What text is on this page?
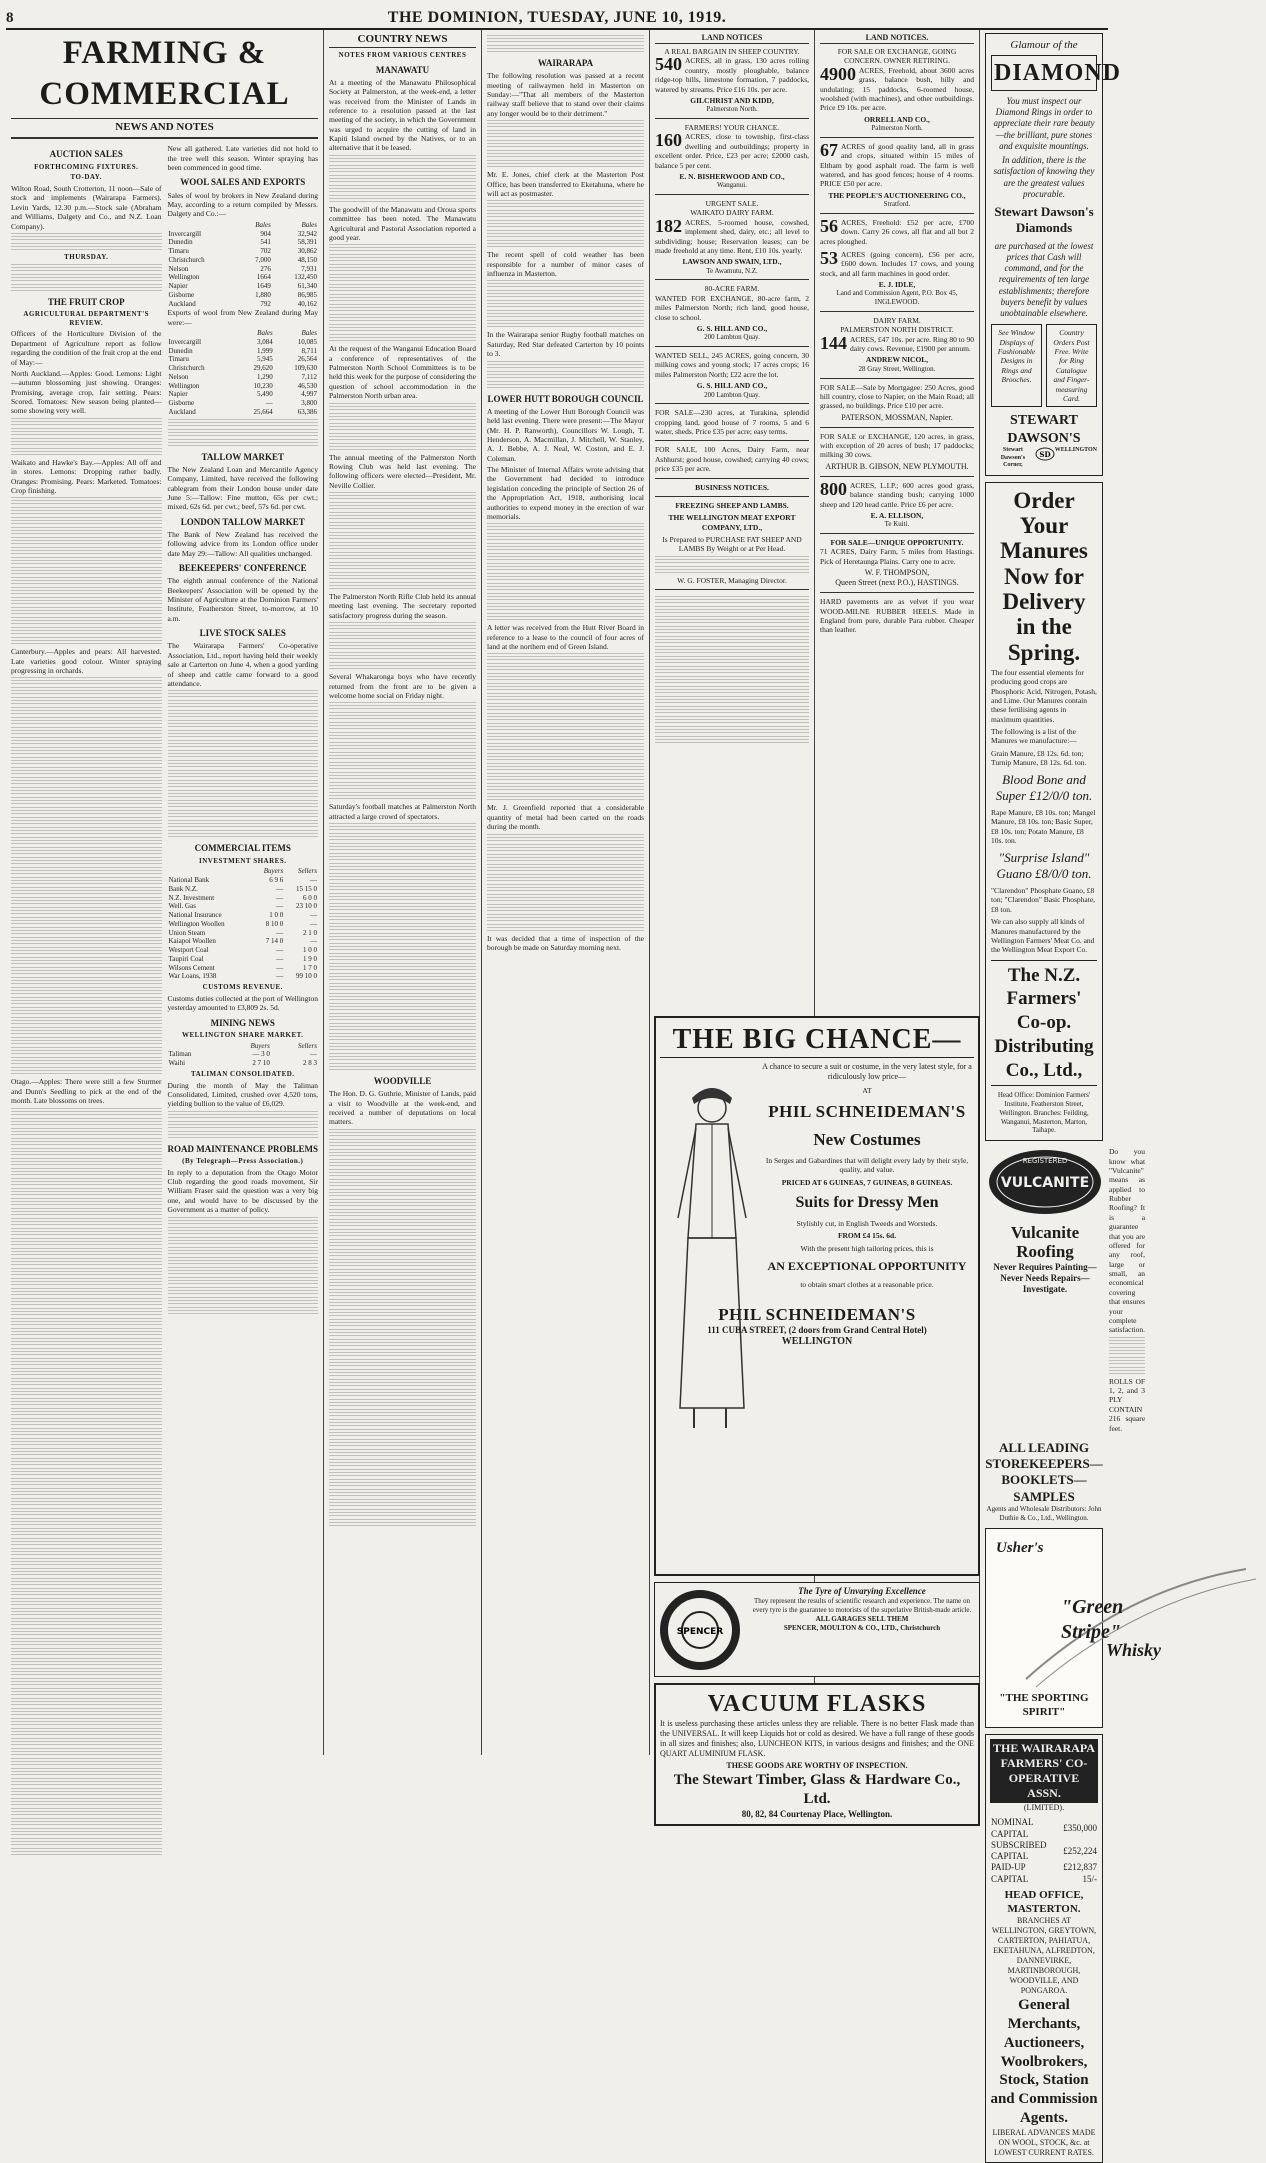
8	THE DOMINION, TUESDAY, JUNE 10, 1919.
FARMING & COMMERCIAL
NEWS AND NOTES
AUCTION SALES
FORTHCOMING FIXTURES.
TO-DAY.

Wilton Road, South Crotterton, 11 noon—Sale of stock and implements (Wairarapa Farmers). Levin Yards, 12.30 p.m.—Stock sale (Abraham and Williams, Dalgety and Co., and N.Z. Loan Company).

THURSDAY.
THE FRUIT CROP
AGRICULTURAL DEPARTMENT'S REVIEW.

Officers of the Horticulture Division of the Department of Agriculture report as follow regarding the condition of the fruit crop at the end of May:—

North Auckland.—Apples: Good. Lemons: Light—autumn blossoming just showing. Oranges: Promising, average crop, fair setting. Pears: Scored. Tomatoes: New season being planted—some showing very well.

Waikato and Hawke's Bay.—Apples: All off and in stores. Lemons: Dropping rather badly. Oranges: Promising. Pears: Marketed. Tomatoes: Crop finishing.

Canterbury.—Apples and pears: All harvested. Late varieties good colour. Winter spraying progressing in orchards.

Otago.—Apples: There were still a few Sturmer and Dunn's Seedling to pick at the end of the month. Late blossoms on trees.

New all gathered. Late varieties did not hold to the tree well this season. Winter spraying has been commenced in good time.

WOOL SALES AND EXPORTS

Sales of wool by brokers in New Zealand during May, according to a return compiled by Messrs. Dalgety and Co.:—

	Bales	Bales
Invercargill	904	32,942
Dunedin	541	58,391
Timaru	702	30,862
Christchurch	7,000	48,150
Nelson	276	7,931
Wellington	1664	132,450
Napier	1649	61,340
Gisborne	1,880	86,985
Auckland	792	40,162

Exports of wool from New Zealand during May were:—

	Bales	Bales
Invercargill	3,084	10,085
Dunedin	1,999	8,711
Timaru	5,945	26,564
Christchurch	29,620	109,630
Nelson	1,290	7,112
Wellington	10,230	46,530
Napier	5,490	4,997
Gisborne	—	3,800
Auckland	25,664	63,386
TALLOW MARKET

The New Zealand Loan and Mercantile Agency Company, Limited, have received the following cablegram from their London house under date June 5:—Tallow: Fine mutton, 65s per cwt.; mixed, 62s 6d. per cwt.; beef, 57s 6d. per cwt.

LONDON TALLOW MARKET

The Bank of New Zealand has received the following advice from its London office under date May 29:—Tallow: All qualities unchanged.

BEEKEEPERS' CONFERENCE

The eighth annual conference of the National Beekeepers' Association will be opened by the Minister of Agriculture at the Dominion Farmers' Institute, Featherston Street, to-morrow, at 10 a.m.

LIVE STOCK SALES

The Wairarapa Farmers' Co-operative Association, Ltd., report having held their weekly sale at Carterton on June 4, when a good yarding of sheep and cattle came forward to a good attendance.

COMMERCIAL ITEMS
INVESTMENT SHARES.
	Buyers	Sellers
National Bank	6 9 6	—
Bank N.Z.	—	15 15 0
N.Z. Investment	—	6 0 0
Well. Gas	—	23 10 0
National Insurance	1 0 0	—
Wellington Woollen	8 10 0	—
Union Steam	—	2 1 0
Kaiapoi Woollen	7 14 0	—
Westport Coal	—	1 0 0
Taupiri Coal	—	1 9 0
Wilsons Cement	—	1 7 0
War Loans, 1938	—	99 10 0
CUSTOMS REVENUE.

Customs duties collected at the port of Wellington yesterday amounted to £3,809 2s. 5d.

MINING NEWS
WELLINGTON SHARE MARKET.
	Buyers	Sellers
Taliman	— 3 0	—
Waihi	2 7 10	2 8 3
TALIMAN CONSOLIDATED.

During the month of May the Taliman Consolidated, Limited, crushed over 4,520 tons, yielding bullion to the value of £6,029.

ROAD MAINTENANCE PROBLEMS
(By Telegraph—Press Association.)

In reply to a deputation from the Otago Motor Club regarding the good roads movement, Sir William Fraser said the question was a very big one, and would have to be discussed by the Government as a matter of policy.

COUNTRY NEWS
NOTES FROM VARIOUS CENTRES
MANAWATU

At a meeting of the Manawatu Philosophical Society at Palmerston, at the week-end, a letter was received from the Minister of Lands in reference to a resolution passed at the last meeting of the society, in which the Government was urged to acquire the cutting of land in Kapiti Island owned by the Natives, or to an alternative that it be leased.

The goodwill of the Manawatu and Oroua sports committee has been noted. The Manawatu Agricultural and Pastoral Association reported a good year.

At the request of the Wanganui Education Board a conference of representatives of the Palmerston North School Committees is to be held this week for the purpose of considering the question of school accommodation in the Palmerston North urban area.

The annual meeting of the Palmerston North Rowing Club was held last evening. The following officers were elected—President, Mr. Neville Collier.

The Palmerston North Rifle Club held its annual meeting last evening. The secretary reported satisfactory progress during the season.

Several Whakaronga boys who have recently returned from the front are to be given a welcome home social on Friday night.

Saturday's football matches at Palmerston North attracted a large crowd of spectators.

WOODVILLE

The Hon. D. G. Guthrie, Minister of Lands, paid a visit to Woodville at the week-end, and received a number of deputations on local matters.

WAIRARAPA

The following resolution was passed at a recent meeting of railwaymen held in Masterton on Sunday:—"That all members of the Masterton railway staff believe that to stand over their claims any longer would be to their detriment."

Mr. E. Jones, chief clerk at the Masterton Post Office, has been transferred to Eketahuna, where he will act as postmaster.

The recent spell of cold weather has been responsible for a number of minor cases of influenza in Masterton.

In the Wairarapa senior Rugby football matches on Saturday, Red Star defeated Carterton by 10 points to 3.

LOWER HUTT BOROUGH COUNCIL

A meeting of the Lower Hutt Borough Council was held last evening. There were present:—The Mayor (Mr. H. P. Ranworth), Councillors W. Lough, T. Henderson, A. Macmillan, J. Mitchell, W. Stanley, A. J. Bebbe, A. J. Neal, W. Coston, and E. J. Coleman.

The Minister of Internal Affairs wrote advising that the Government had decided to introduce legislation conceding the principle of Section 26 of the Appropriation Act, 1918, authorising local authorities to expend money in the erection of war memorials.

A letter was received from the Hutt River Board in reference to a lease to the council of four acres of land at the northern end of Green Island.

Mr. J. Greenfield reported that a considerable quantity of metal had been carted on the roads during the month.

It was decided that a time of inspection of the borough be made on Saturday morning next.

LAND NOTICES
A REAL BARGAIN IN SHEEP COUNTRY.
540 ACRES, all in grass, 130 acres rolling country, mostly ploughable, balance ridge-top hills, limestone formation, 7 paddocks, watered by streams. Price £16 10s. per acre.

GILCHRIST AND KIDD,
Palmerston North.
FARMERS! YOUR CHANCE.
160 ACRES, close to township, first-class dwelling and outbuildings; property in excellent order. Price, £23 per acre; £2000 cash, balance 5 per cent.

E. N. BISHERWOOD AND CO.,
Wanganui.
URGENT SALE.
WAIKATO DAIRY FARM.
182 ACRES, 5-roomed house, cowshed, implement shed, dairy, etc.; all level to subdividing; house; Reservation leases; can be made freehold at any time. Rent, £10 10s. yearly.

LAWSON AND SWAIN, LTD.,
Te Awamutu, N.Z.
80-ACRE FARM.

WANTED FOR EXCHANGE, 80-acre farm, 2 miles Palmerston North; rich land, good house, close to school.

G. S. HILL AND CO.,
200 Lambton Quay.

WANTED SELL, 245 ACRES, going concern, 30 milking cows and young stock; 17 acres crops; 16 miles Palmerston North; £22 acre the lot.

G. S. HILL AND CO.,
200 Lambton Quay.

FOR SALE—230 acres, at Turakina, splendid cropping land, good house of 7 rooms, 5 and 6 water, sheds. Price £35 per acre; easy terms.

FOR SALE, 100 Acres, Dairy Farm, near Ashhurst; good house, cowshed; carrying 40 cows; price £35 per acre.

BUSINESS NOTICES.
FREEZING SHEEP AND LAMBS.
THE WELLINGTON MEAT EXPORT COMPANY, LTD.,

Is Prepared to PURCHASE FAT SHEEP AND LAMBS By Weight or at Per Head.

W. G. FOSTER, Managing Director.
LAND NOTICES.
FOR SALE OR EXCHANGE, GOING CONCERN. OWNER RETIRING.
4900 ACRES, Freehold, about 3600 acres grass, balance bush, hilly and undulating; 15 paddocks, 6-roomed house, woolshed (with machines), and other outbuildings. Price £9 10s. per acre.

ORRELL AND CO.,
Palmerston North.
67 ACRES of good quality land, all in grass and crops, situated within 15 miles of Eltham by good asphalt road. The farm is well watered, and has good fences; house of 4 rooms. PRICE £50 per acre.

THE PEOPLE'S AUCTIONEERING CO.,
Stratford.
56 ACRES, Freehold: £52 per acre, £700 down. Carry 26 cows, all flat and all but 2 acres ploughed.

53 ACRES (going concern), £56 per acre, £600 down. Includes 17 cows, and young stock, and all farm machines in good order.

E. J. IDLE,
Land and Commission Agent, P.O. Box 45, INGLEWOOD.
DAIRY FARM.
PALMERSTON NORTH DISTRICT.
144 ACRES, £47 10s. per acre. Ring 80 to 90 dairy cows. Revenue, £1900 per annum.

ANDREW NICOL,
28 Gray Street, Wellington.

FOR SALE—Sale by Mortgagee: 250 Acres, good hill country, close to Napier, on the Main Road; all grassed, no buildings. Price £10 per acre.

PATERSON, MOSSMAN, Napier.

FOR SALE or EXCHANGE, 120 acres, in grass, with exception of 20 acres of bush; 17 paddocks; milking 30 cows.

ARTHUR B. GIBSON, NEW PLYMOUTH.
800 ACRES, L.I.P.; 600 acres good grass, balance standing bush; carrying 1000 sheep and 120 head cattle. Price £6 per acre.

E. A. ELLISON,
Te Kuiti.
FOR SALE—UNIQUE OPPORTUNITY.

71 ACRES, Dairy Farm, 5 miles from Hastings. Pick of Heretaunga Plains. Carry one to acre.

W. F. THOMPSON,
Queen Street (next P.O.), HASTINGS.

HARD pavements are as velvet if you wear WOOD-MILNE RUBBER HEELS. Made in England from pure, durable Para rubber. Cheaper than leather.

Glamour of the
DIAMOND
You must inspect our Diamond Rings in order to appreciate their rare beauty—the brilliant, pure stones and exquisite mountings.
In addition, there is the satisfaction of knowing they are the greatest values procurable.
Stewart Dawson's Diamonds
are purchased at the lowest prices that Cash will command, and for the requirements of ten large establishments; therefore buyers benefit by values unobtainable elsewhere.
See Window Displays of Fashionable Designs in Rings and Brooches.
Country Orders Post Free. Write for Ring Catalogue and Finger-measuring Card.
STEWART DAWSON'S
Stewart Dawson's Corner,
SD WELLINGTON
Order Your Manures Now for Delivery in the Spring.
The four essential elements for producing good crops are Phosphoric Acid, Nitrogen, Potash, and Lime. Our Manures contain these fertilising agents in maximum quantities.
The following is a list of the Manures we manufacture:—
Grain Manure, £8 12s. 6d. ton; Turnip Manure, £8 12s. 6d. ton.
Blood Bone and Super £12/0/0 ton.
Rape Manure, £8 10s. ton; Mangel Manure, £8 10s. ton; Basic Super, £8 10s. ton; Potato Manure, £8 10s. ton.
"Surprise Island" Guano £8/0/0 ton.
"Clarendon" Phosphate Guano, £8 ton; "Clarendon" Basic Phosphate, £8 ton.
We can also supply all kinds of Manures manufactured by the Wellington Farmers' Meat Co. and the Wellington Meat Export Co.
The N.Z. Farmers' Co-op. Distributing Co., Ltd.,
Head Office: Dominion Farmers' Institute, Featherston Street, Wellington. Branches: Feilding, Wanganui, Masterton, Marton, Taihape.
REGISTERED
VULCANITE
Vulcanite Roofing
Never Requires Painting—Never Needs Repairs—Investigate.

Do you know what "Vulcanite" means as applied to Rubber Roofing? It is a guarantee that you are offered for any roof, large or small, an economical covering that ensures your complete satisfaction.

ROLLS OF 1, 2, and 3 PLY CONTAIN 216 square feet.

ALL LEADING STOREKEEPERS—BOOKLETS—SAMPLES
Agents and Wholesale Distributors: John Duthie & Co., Ltd., Wellington.
Usher's
"Green Stripe"
Whisky
"THE SPORTING SPIRIT"
THE WAIRARAPA FARMERS' CO-OPERATIVE ASSN.
(LIMITED).
NOMINAL CAPITAL	£350,000
SUBSCRIBED CAPITAL	£252,224
PAID-UP CAPITAL	£212,837 15/-
HEAD OFFICE, MASTERTON.
BRANCHES AT WELLINGTON, GREYTOWN, CARTERTON, PAHIATUA, EKETAHUNA, ALFREDTON, DANNEVIRKE, MARTINBOROUGH, WOODVILLE, AND PONGAROA.
General Merchants, Auctioneers, Woolbrokers, Stock, Station and Commission Agents.
LIBERAL ADVANCES MADE ON WOOL, STOCK, &c. at LOWEST CURRENT RATES.
THE BIG CHANCE—
A chance to secure a suit or costume, in the very latest style, for a ridiculously low price—
AT
PHIL SCHNEIDEMAN'S
New Costumes
In Serges and Gabardines that will delight every lady by their style, quality, and value.
PRICED AT 6 GUINEAS, 7 GUINEAS, 8 GUINEAS.
Suits for Dressy Men
Stylishly cut, in English Tweeds and Worsteds.
FROM £4 15s. 6d.
With the present high tailoring prices, this is
AN EXCEPTIONAL OPPORTUNITY
to obtain smart clothes at a reasonable price.
PHIL SCHNEIDEMAN'S
111 CUBA STREET, (2 doors from Grand Central Hotel)
WELLINGTON
SPENCER
The Tyre of Unvarying Excellence
They represent the results of scientific research and experience. The name on every tyre is the guarantee to motorists of the superlative British-made article.
ALL GARAGES SELL THEM
SPENCER, MOULTON & CO., LTD., Christchurch
VACUUM FLASKS

It is useless purchasing these articles unless they are reliable. There is no better Flask made than the UNIVERSAL. It will keep Liquids hot or cold as desired. We have a full range of these goods in all sizes and finishes; also, LUNCHEON KITS, in various designs and finishes; and the ONE QUART ALUMINIUM FLASK.

THESE GOODS ARE WORTHY OF INSPECTION.
The Stewart Timber, Glass & Hardware Co., Ltd.
80, 82, 84 Courtenay Place, Wellington.
